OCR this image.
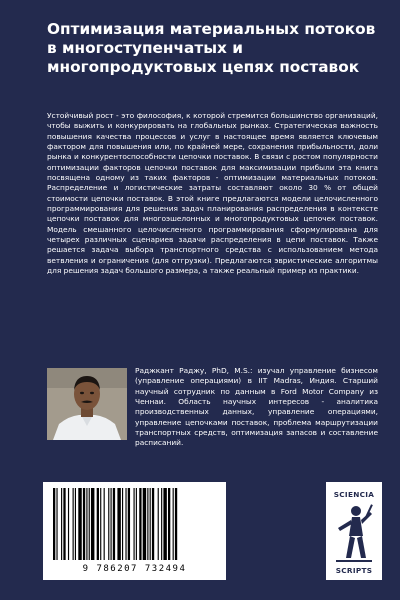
Оптимизация материальных потоков в многоступенчатых и многопродуктовых цепях поставок

Устойчивый рост - это философия, к которой стремится большинство организаций, чтобы выжить и конкурировать на глобальных рынках. Стратегическая важность повышения качества процессов и услуг в настоящее время является ключевым фактором для повышения или, по крайней мере, сохранения прибыльности, доли рынка и конкурентоспособности цепочки поставок. В связи с ростом популярности оптимизации факторов цепочки поставок для максимизации прибыли эта книга посвящена одному из таких факторов - оптимизации материальных потоков. Распределение и логистические затраты составляют около 30 % от общей стоимости цепочки поставок. В этой книге предлагаются модели целочисленного программирования для решения задач планирования распределения в контексте цепочки поставок для многоэшелонных и многопродуктовых цепочек поставок. Модель смешанного целочисленного программирования сформулирована для четырех различных сценариев задачи распределения в цепи поставок. Также решается задача выбора транспортного средства с использованием метода ветвления и ограничения (для отгрузки). Предлагаются эвристические алгоритмы для решения задач большого размера, а также реальный пример из практики.

Раджкант Раджу, PhD, M.S.: изучал управление бизнесом (управление операциями) в IIT Madras, Индия. Старший научный сотрудник по данным в Ford Motor Company из Ченнаи. Область научных интересов - аналитика производственных данных, управление операциями, управление цепочками поставок, проблема маршрутизации транспортных средств, оптимизация запасов и составление расписаний.

9 786207 732494

SCIENCIA
SCRIPTS
